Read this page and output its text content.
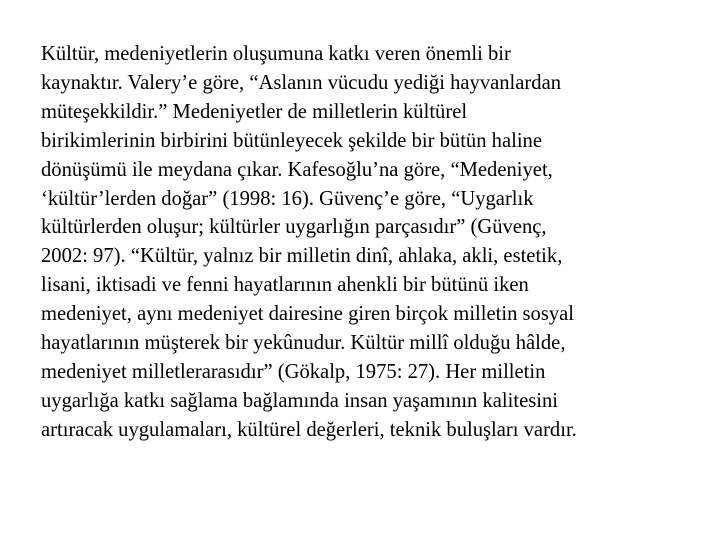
Kültür, medeniyetlerin oluşumuna katkı veren önemli bir
kaynaktır. Valery’e göre, “Aslanın vücudu yediği hayvanlardan
müteşekkildir.” Medeniyetler de milletlerin kültürel
birikimlerinin birbirini bütünleyecek şekilde bir bütün haline
dönüşümü ile meydana çıkar. Kafesoğlu’na göre, “Medeniyet,
‘kültür’lerden doğar” (1998: 16). Güvenç’e göre, “Uygarlık
kültürlerden oluşur; kültürler uygarlığın parçasıdır” (Güvenç,
2002: 97). “Kültür, yalnız bir milletin dinî, ahlaka, akli, estetik,
lisani, iktisadi ve fenni hayatlarının ahenkli bir bütünü iken
medeniyet, aynı medeniyet dairesine giren birçok milletin sosyal
hayatlarının müşterek bir yekûnudur. Kültür millî olduğu hâlde,
medeniyet milletlerarasıdır” (Gökalp, 1975: 27). Her milletin
uygarlığa katkı sağlama bağlamında insan yaşamının kalitesini
artıracak uygulamaları, kültürel değerleri, teknik buluşları vardır.
